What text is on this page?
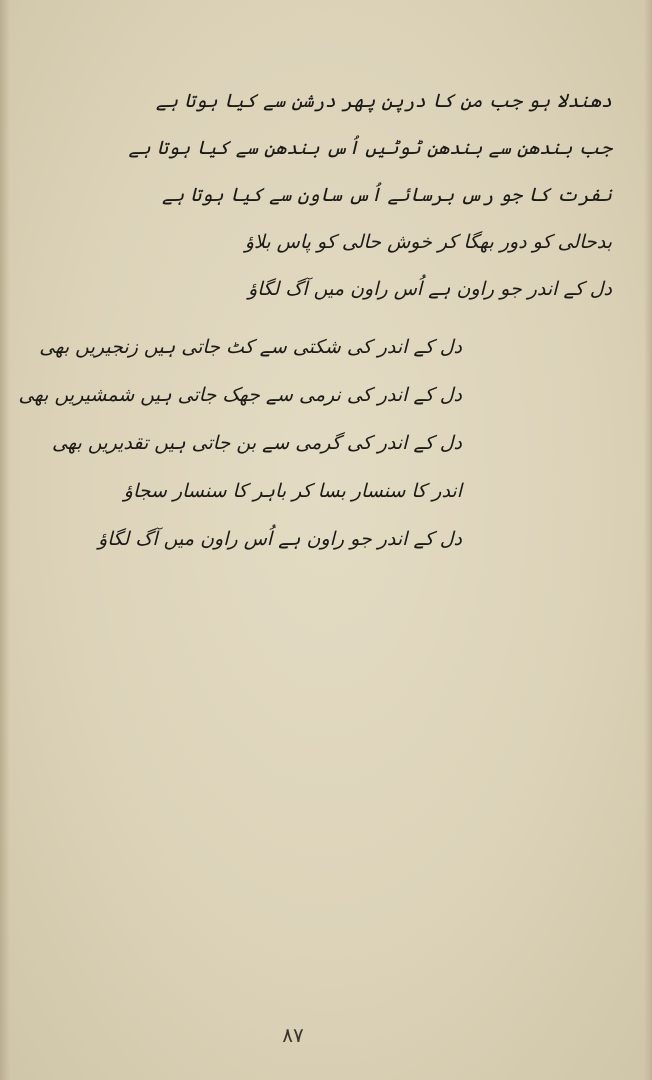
دھندلا ہو جب من کا درپن پھر درشن سے کیا ہوتا ہے
جب بندھن سے بندھن ٹوٹیں اُس بندھن سے کیا ہوتا ہے
نفرت کا جو رس برسائے اُس ساون سے کیا ہوتا ہے
بدحالی کو دور بھگا کر خوش حالی کو پاس بلاؤ
دل کے اندر جو راون ہے اُس راون میں آگ لگاؤ
دل کے اندر کی شکتی سے کٹ جاتی ہیں زنجیریں بھی
دل کے اندر کی نرمی سے جھک جاتی ہیں شمشیریں بھی
دل کے اندر کی گرمی سے بن جاتی ہیں تقدیریں بھی
اندر کا سنسار بسا کر باہر کا سنسار سجاؤ
دل کے اندر جو راون ہے اُس راون میں آگ لگاؤ
۸۷
